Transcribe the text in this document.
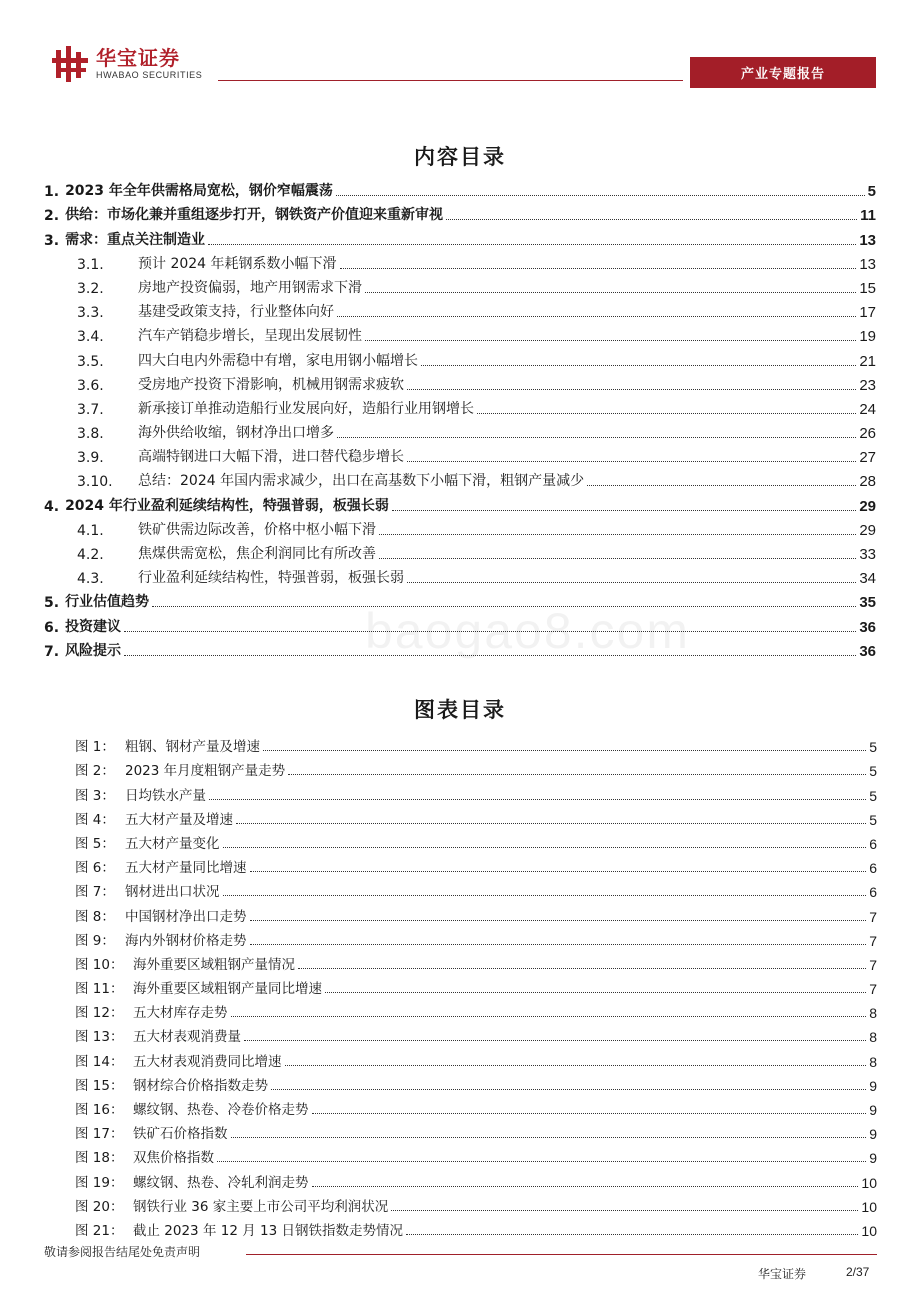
华宝证券
HWABAO SECURITIES	产业专题报告
内容目录
1. 2023 年全年供需格局宽松，钢价窄幅震荡	5
2. 供给：市场化兼并重组逐步打开，钢铁资产价值迎来重新审视	11
3. 需求：重点关注制造业	13
3.1.	预计 2024 年耗钢系数小幅下滑	13
3.2.	房地产投资偏弱，地产用钢需求下滑	15
3.3.	基建受政策支持，行业整体向好	17
3.4.	汽车产销稳步增长，呈现出发展韧性	19
3.5.	四大白电内外需稳中有增，家电用钢小幅增长	21
3.6.	受房地产投资下滑影响，机械用钢需求疲软	23
3.7.	新承接订单推动造船行业发展向好，造船行业用钢增长	24
3.8.	海外供给收缩，钢材净出口增多	26
3.9.	高端特钢进口大幅下滑，进口替代稳步增长	27
3.10.	总结：2024 年国内需求减少，出口在高基数下小幅下滑，粗钢产量减少	28
4. 2024 年行业盈利延续结构性，特强普弱，板强长弱	29
4.1.	铁矿供需边际改善，价格中枢小幅下滑	29
4.2.	焦煤供需宽松，焦企利润同比有所改善	33
4.3.	行业盈利延续结构性，特强普弱，板强长弱	34
5. 行业估值趋势	35
6. 投资建议	36
7. 风险提示	36
图表目录
图 1： 粗钢、钢材产量及增速	5
图 2： 2023 年月度粗钢产量走势	5
图 3： 日均铁水产量	5
图 4： 五大材产量及增速	5
图 5： 五大材产量变化	6
图 6： 五大材产量同比增速	6
图 7： 钢材进出口状况	6
图 8： 中国钢材净出口走势	7
图 9： 海内外钢材价格走势	7
图 10： 海外重要区域粗钢产量情况	7
图 11： 海外重要区域粗钢产量同比增速	7
图 12： 五大材库存走势	8
图 13： 五大材表观消费量	8
图 14： 五大材表观消费同比增速	8
图 15： 钢材综合价格指数走势	9
图 16： 螺纹钢、热卷、冷卷价格走势	9
图 17： 铁矿石价格指数	9
图 18： 双焦价格指数	9
图 19： 螺纹钢、热卷、冷轧利润走势	10
图 20： 钢铁行业 36 家主要上市公司平均利润状况	10
图 21： 截止 2023 年 12 月 13 日钢铁指数走势情况	10
baogao8.com
敬请参阅报告结尾处免责声明
华宝证券	2/37
